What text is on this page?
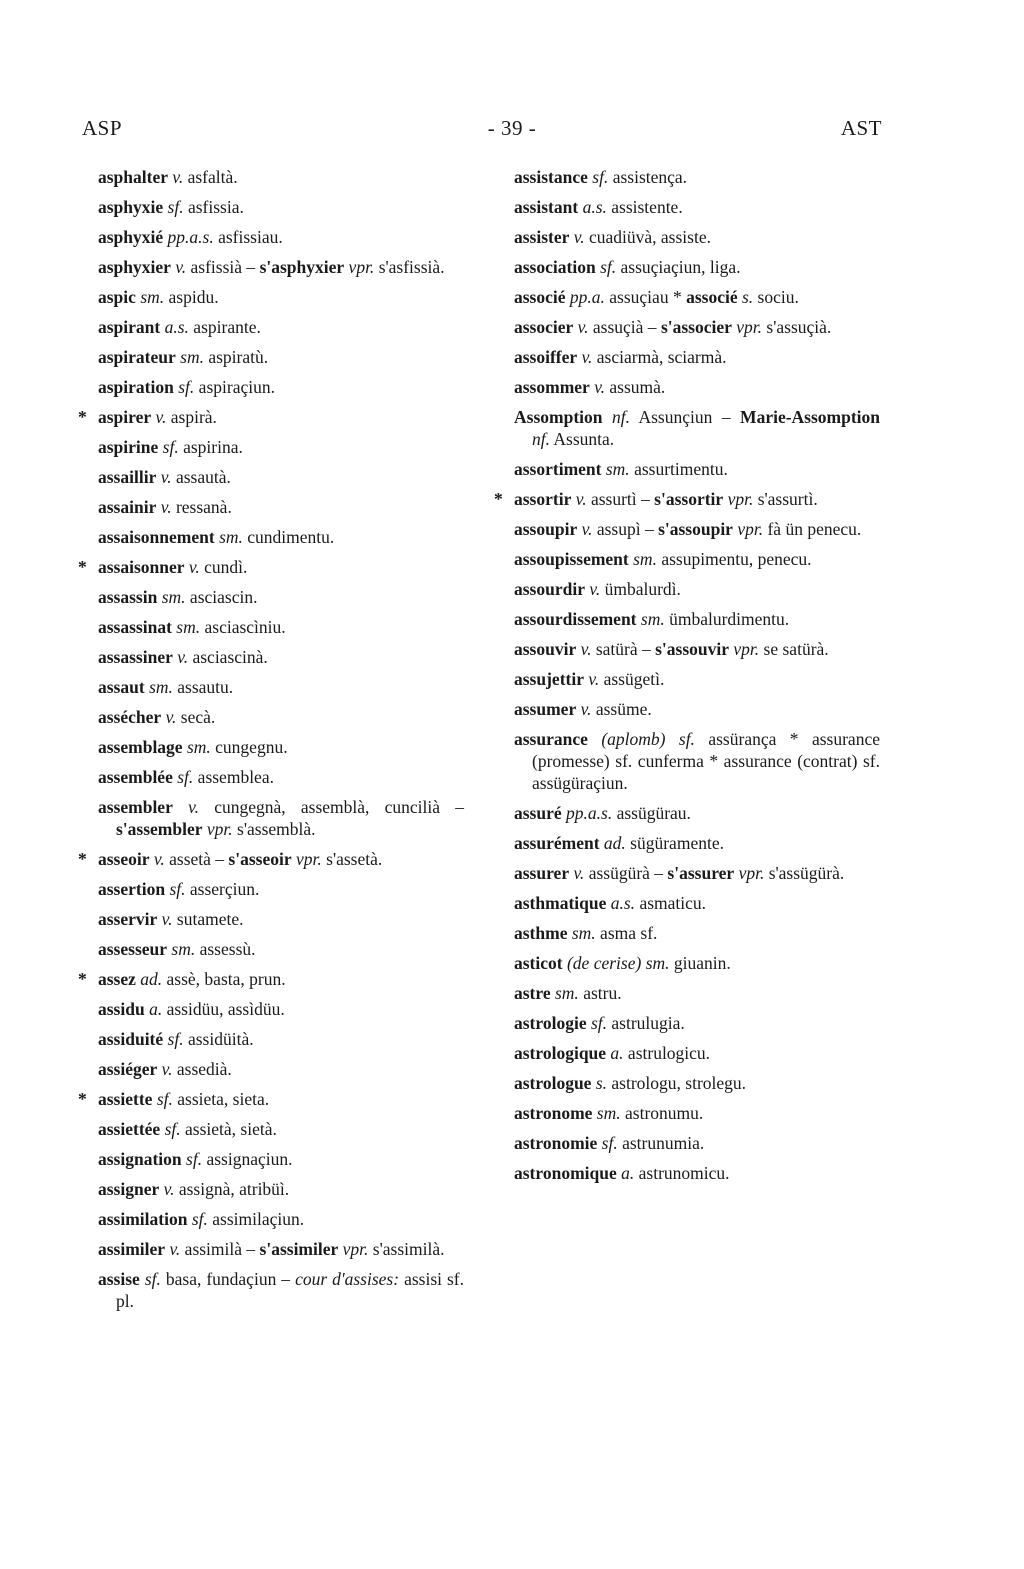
ASP	- 39 -	AST
asphalter v. asfaltà.
asphyxie sf. asfissia.
asphyxié pp.a.s. asfissiau.
asphyxier v. asfissià – s'asphyxier vpr. s'asfissià.
aspic sm. aspidu.
aspirant a.s. aspirante.
aspirateur sm. aspiratù.
aspiration sf. aspiraçiun.
* aspirer v. aspirà.
aspirine sf. aspirina.
assaillir v. assautà.
assainir v. ressanà.
assaisonnement sm. cundimentu.
* assaisonner v. cundì.
assassin sm. asciascin.
assassinat sm. asciascìniu.
assassiner v. asciascinà.
assaut sm. assautu.
assécher v. secà.
assemblage sm. cungegnu.
assemblée sf. assemblea.
assembler v. cungegnà, assemblà, cuncilià – s'assembler vpr. s'assemblà.
* asseoir v. assetà – s'asseoir vpr. s'assetà.
assertion sf. asserçiun.
asservir v. sutamete.
assesseur sm. assessù.
* assez ad. assè, basta, prun.
assidu a. assidüu, assìdüu.
assiduité sf. assidüità.
assiéger v. assedià.
* assiette sf. assieta, sieta.
assiettée sf. assietà, sietà.
assignation sf. assignaçiun.
assigner v. assignà, atribüì.
assimilation sf. assimilaçiun.
assimiler v. assimilà – s'assimiler vpr. s'assimilà.
assise sf. basa, fundaçiun – cour d'assises: assisi sf. pl.
assistance sf. assistença.
assistant a.s. assistente.
assister v. cuadiüvà, assiste.
association sf. assuçiaçiun, liga.
associé pp.a. assuçiau * associé s. sociu.
associer v. assuçià – s'associer vpr. s'assuçià.
assoiffer v. asciarmà, sciarmà.
assommer v. assumà.
Assomption nf. Assunçiun – Marie-Assomption nf. Assunta.
assortiment sm. assurtimentu.
* assortir v. assurtì – s'assortir vpr. s'assurtì.
assoupir v. assupì – s'assoupir vpr. fà ün penecu.
assoupissement sm. assupimentu, penecu.
assourdir v. ümbalurdì.
assourdissement sm. ümbalurdimentu.
assouvir v. satürà – s'assouvir vpr. se satürà.
assujettir v. assügetì.
assumer v. assüme.
assurance (aplomb) sf. assürança * assurance (promesse) sf. cunferma * assurance (contrat) sf. assügüraçiun.
assuré pp.a.s. assügürau.
assurément ad. sügüramente.
assurer v. assügürà – s'assurer vpr. s'assügürà.
asthmatique a.s. asmaticu.
asthme sm. asma sf.
asticot (de cerise) sm. giuanin.
astre sm. astru.
astrologie sf. astrulugia.
astrologique a. astrulogicu.
astrologue s. astrologu, strolegu.
astronome sm. astronumu.
astronomie sf. astrunumia.
astronomique a. astrunomicu.
